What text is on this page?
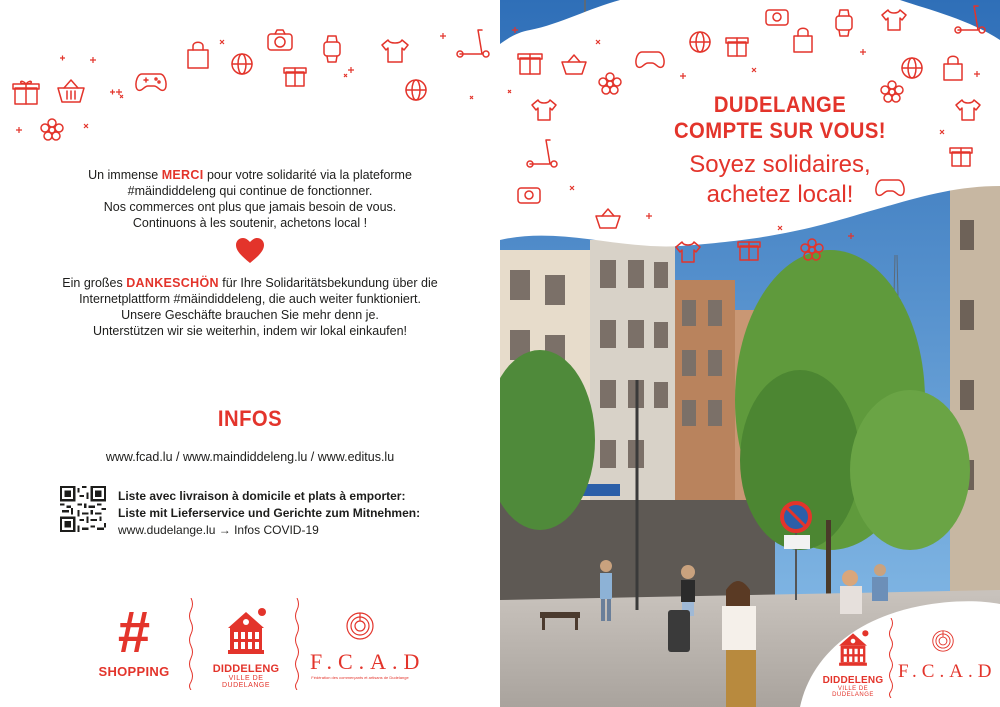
Un immense MERCI pour votre solidarité via la plateforme
#mäindiddeleng qui continue de fonctionner.
Nos commerces ont plus que jamais besoin de vous.
Continuons à les soutenir, achetons local !
Ein großes DANKESCHÖN für Ihre Solidaritätsbekundung über die
Internetplattform #mäindiddeleng, die auch weiter funktioniert.
Unsere Geschäfte brauchen Sie mehr denn je.
Unterstützen wir sie weiterhin, indem wir lokal einkaufen!
INFOS
www.fcad.lu / www.maindiddeleng.lu / www.editus.lu
Liste avec livraison à domicile et plats à emporter:
Liste mit Lieferservice und Gerichte zum Mitnehmen:
www.dudelange.lu → Infos COVID-19
#
SHOPPING	DIDDELENG
VILLE DE DUDELANGE
F.C.A.D
Fédération des commerçants et artisans de Dudelange
DUDELANGE
COMPTE SUR VOUS!
Soyez solidaires,
achetez local!
DIDDELENG
VILLE DE DUDELANGE
F.C.A.D
